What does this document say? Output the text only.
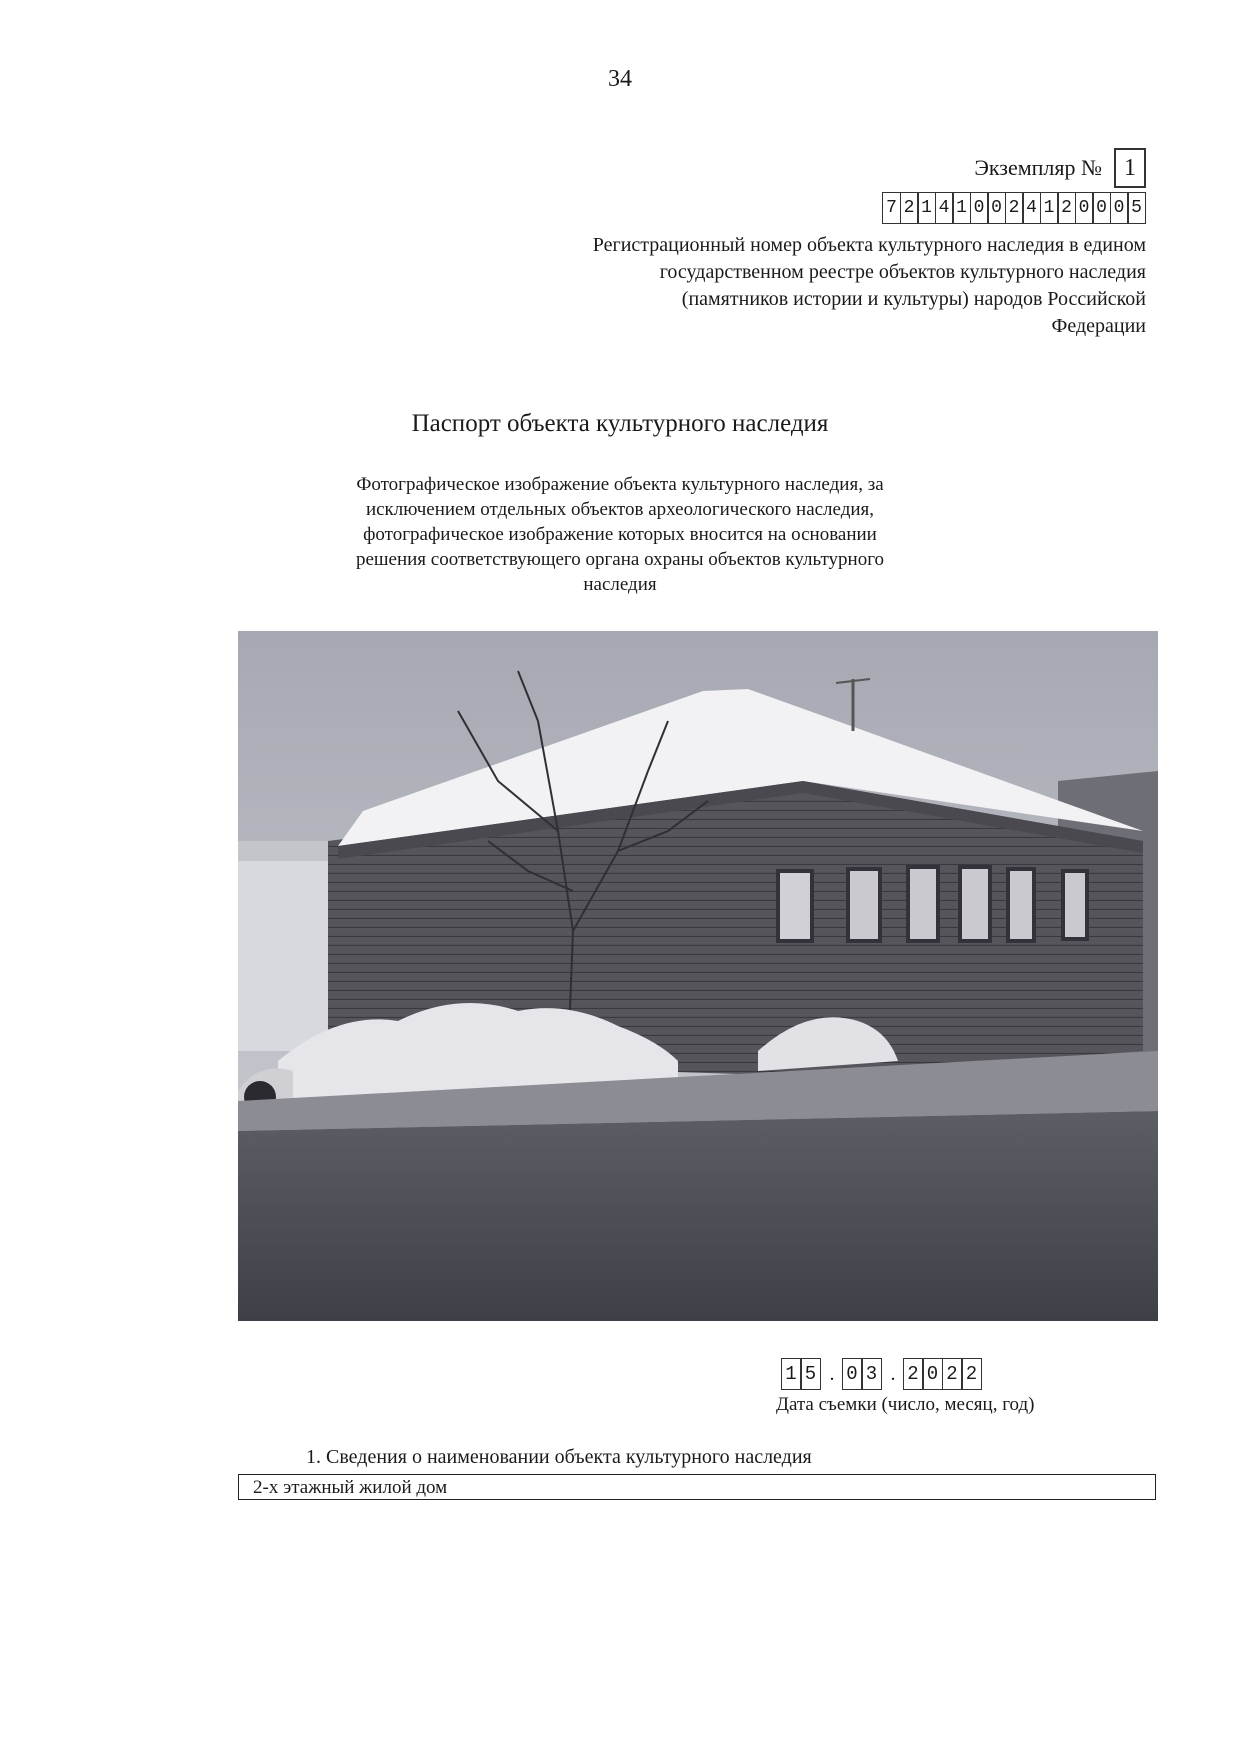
34
Экземпляр № 1
7 2 1 4 1 0 0 2 4 1 2 0 0 0 5
Регистрационный номер объекта культурного наследия в едином государственном реестре объектов культурного наследия (памятников истории и культуры) народов Российской Федерации
Паспорт объекта культурного наследия
Фотографическое изображение объекта культурного наследия, за исключением отдельных объектов археологического наследия, фотографическое изображение которых вносится на основании решения соответствующего органа охраны объектов культурного наследия
1 5 . 0 3 . 2 0 2 2
Дата съемки (число, месяц, год)
1. Сведения о наименовании объекта культурного наследия
2-х этажный жилой дом
